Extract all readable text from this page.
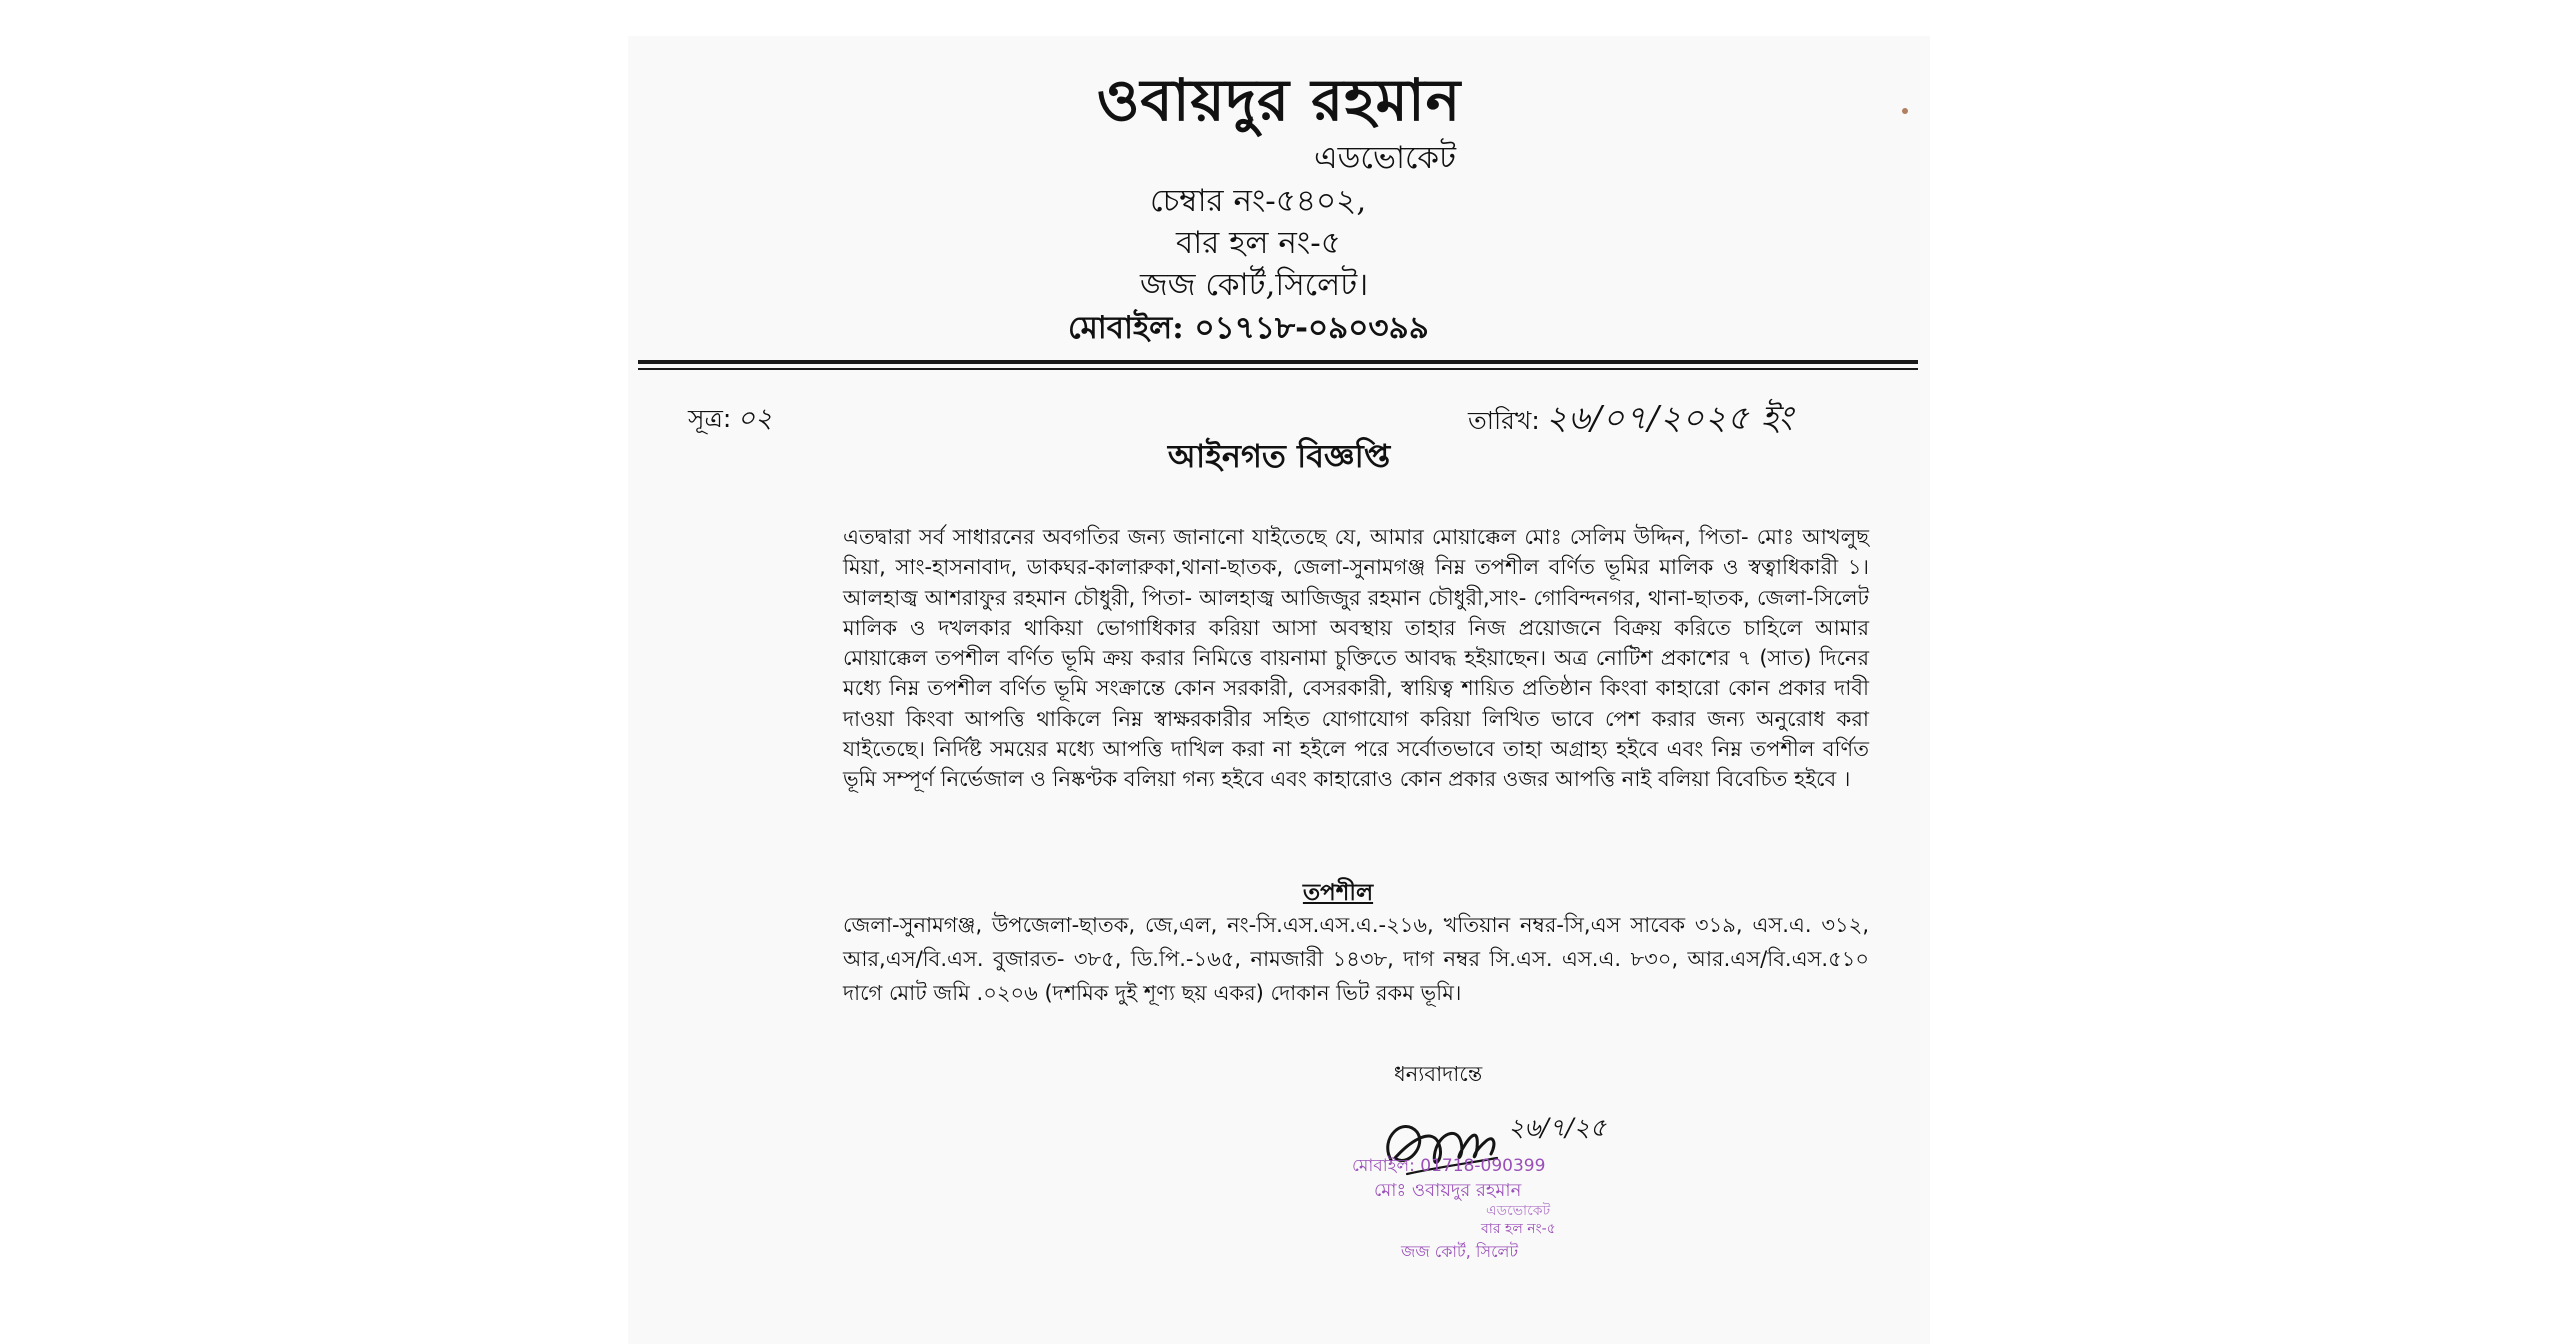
ওবায়দুর রহমান
এডভোকেট
চেম্বার নং-৫৪০২,
বার হল নং-৫
জজ কোর্ট,সিলেট।
মোবাইল: ০১৭১৮-০৯০৩৯৯
সূত্র: ০২	তারিখ: ২৬/০৭/২০২৫ ইং
আইনগত বিজ্ঞপ্তি
এতদ্বারা সর্ব সাধারনের অবগতির জন্য জানানো যাইতেছে যে, আমার মোয়াক্কেল মোঃ সেলিম উদ্দিন, পিতা- মোঃ আখলুছ মিয়া, সাং-হাসনাবাদ, ডাকঘর-কালারুকা,থানা-ছাতক, জেলা-সুনামগঞ্জ নিম্ন তপশীল বর্ণিত ভূমির মালিক ও স্বত্বাধিকারী ১। আলহাজ্ব আশরাফুর রহমান চৌধুরী, পিতা- আলহাজ্ব আজিজুর রহমান চৌধুরী,সাং- গোবিন্দনগর, থানা-ছাতক, জেলা-সিলেট মালিক ও দখলকার থাকিয়া ভোগাধিকার করিয়া আসা অবস্থায় তাহার নিজ প্রয়োজনে বিক্রয় করিতে চাহিলে আমার মোয়াক্কেল তপশীল বর্ণিত ভূমি ক্রয় করার নিমিত্তে বায়নামা চুক্তিতে আবদ্ধ হইয়াছেন। অত্র নোটিশ প্রকাশের ৭ (সাত) দিনের মধ্যে নিম্ন তপশীল বর্ণিত ভূমি সংক্রান্তে কোন সরকারী, বেসরকারী, স্বায়িত্ব শায়িত প্রতিষ্ঠান কিংবা কাহারো কোন প্রকার দাবী দাওয়া কিংবা আপত্তি থাকিলে নিম্ন স্বাক্ষরকারীর সহিত যোগাযোগ করিয়া লিখিত ভাবে পেশ করার জন্য অনুরোধ করা যাইতেছে। নির্দিষ্ট সময়ের মধ্যে আপত্তি দাখিল করা না হইলে পরে সর্বোতভাবে তাহা অগ্রাহ্য হইবে এবং নিম্ন তপশীল বর্ণিত ভূমি সম্পূর্ণ নির্ভেজাল ও নিষ্কণ্টক বলিয়া গন্য হইবে এবং কাহারোও কোন প্রকার ওজর আপত্তি নাই বলিয়া বিবেচিত হইবে ।
তপশীল
জেলা-সুনামগঞ্জ, উপজেলা-ছাতক, জে,এল, নং-সি.এস.এস.এ.-২১৬, খতিয়ান নম্বর-সি,এস সাবেক ৩১৯, এস.এ. ৩১২, আর,এস/বি.এস. বুজারত- ৩৮৫, ডি.পি.-১৬৫, নামজারী ১৪৩৮, দাগ নম্বর সি.এস. এস.এ. ৮৩০, আর.এস/বি.এস.৫১০ দাগে মোট জমি .০২০৬ (দশমিক দুই শূণ্য ছয় একর) দোকান ভিট রকম ভূমি।
ধন্যবাদান্তে
২৬/৭/২৫
মোবাইল: 01718-090399
মোঃ ওবায়দুর রহমান
এডভোকেট
বার হল নং-৫
জজ কোর্ট, সিলেট
